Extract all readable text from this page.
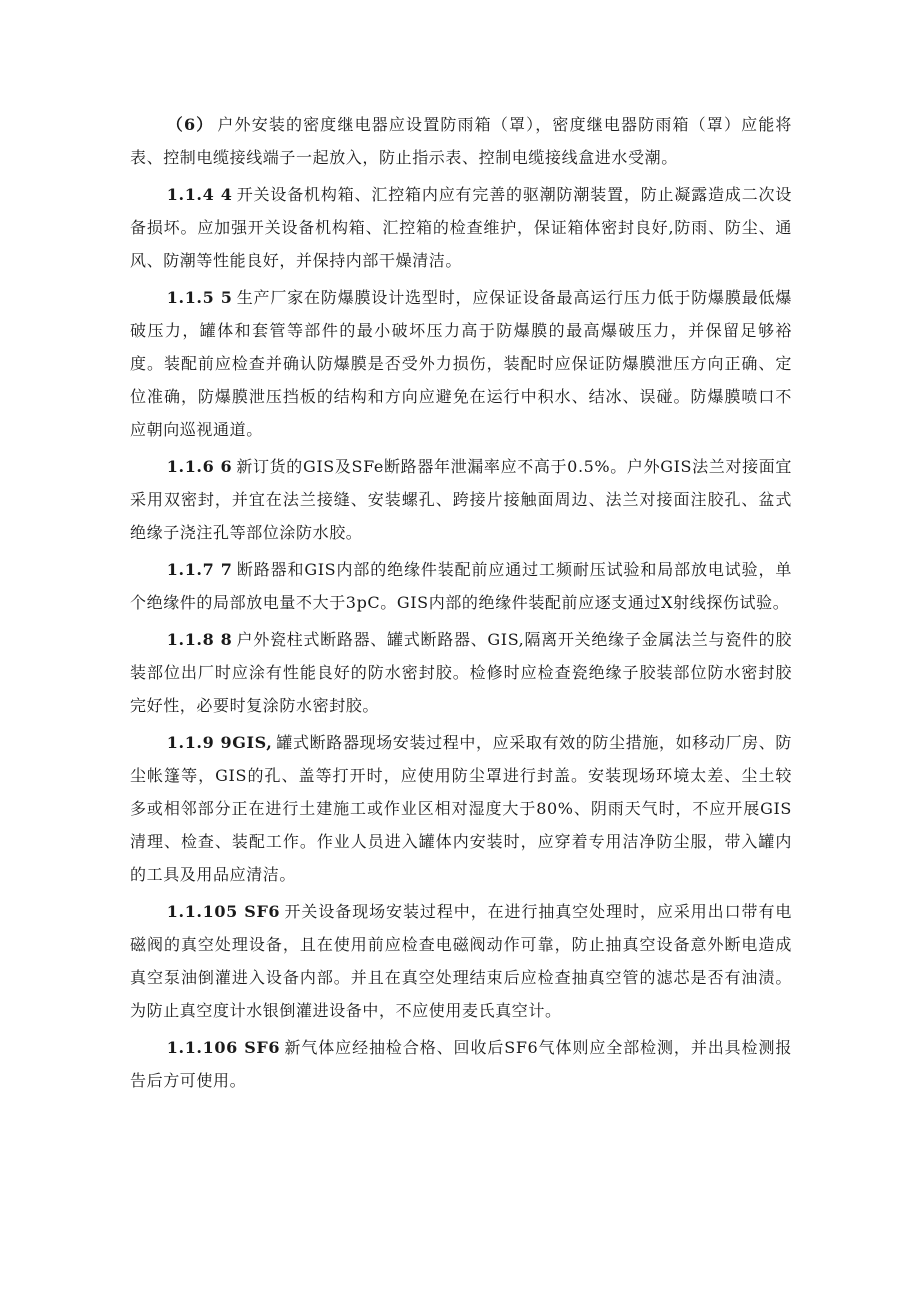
（6） 户外安装的密度继电器应设置防雨箱（罩），密度继电器防雨箱（罩）应能将表、控制电缆接线端子一起放入，防止指示表、控制电缆接线盒进水受潮。

1.1.4 4 开关设备机构箱、汇控箱内应有完善的驱潮防潮装置，防止凝露造成二次设备损坏。应加强开关设备机构箱、汇控箱的检查维护，保证箱体密封良好,防雨、防尘、通风、防潮等性能良好，并保持内部干燥清洁。

1.1.5 5 生产厂家在防爆膜设计选型时，应保证设备最高运行压力低于防爆膜最低爆破压力，罐体和套管等部件的最小破坏压力高于防爆膜的最高爆破压力，并保留足够裕度。装配前应检查并确认防爆膜是否受外力损伤，装配时应保证防爆膜泄压方向正确、定位准确，防爆膜泄压挡板的结构和方向应避免在运行中积水、结冰、误碰。防爆膜喷口不应朝向巡视通道。

1.1.6 6 新订货的GIS及SFe断路器年泄漏率应不高于0.5%。户外GIS法兰对接面宜采用双密封，并宜在法兰接缝、安装螺孔、跨接片接触面周边、法兰对接面注胶孔、盆式绝缘子浇注孔等部位涂防水胶。

1.1.7 7 断路器和GIS内部的绝缘件装配前应通过工频耐压试验和局部放电试验，单个绝缘件的局部放电量不大于3pC。GIS内部的绝缘件装配前应逐支通过X射线探伤试验。

1.1.8 8 户外瓷柱式断路器、罐式断路器、GIS,隔离开关绝缘子金属法兰与瓷件的胶装部位出厂时应涂有性能良好的防水密封胶。检修时应检查瓷绝缘子胶装部位防水密封胶完好性，必要时复涂防水密封胶。

1.1.9 9GIS, 罐式断路器现场安装过程中，应采取有效的防尘措施，如移动厂房、防尘帐篷等，GIS的孔、盖等打开时，应使用防尘罩进行封盖。安装现场环境太差、尘土较多或相邻部分正在进行土建施工或作业区相对湿度大于80%、阴雨天气时，不应开展GIS清理、检查、装配工作。作业人员进入罐体内安装时，应穿着专用洁净防尘服，带入罐内的工具及用品应清洁。

1.1.105 SF6 开关设备现场安装过程中，在进行抽真空处理时，应采用出口带有电磁阀的真空处理设备，且在使用前应检查电磁阀动作可靠，防止抽真空设备意外断电造成真空泵油倒灌进入设备内部。并且在真空处理结束后应检查抽真空管的滤芯是否有油渍。为防止真空度计水银倒灌进设备中，不应使用麦氏真空计。

1.1.106 SF6 新气体应经抽检合格、回收后SF6气体则应全部检测，并出具检测报告后方可使用。
